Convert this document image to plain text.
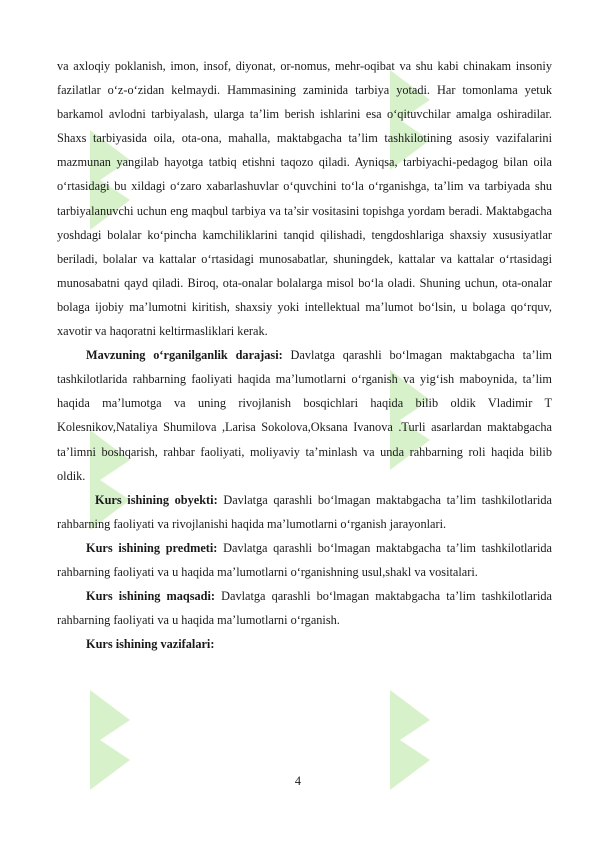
va axloqiy poklanish, imon, insof, diyonat, or-nomus, mehr-oqibat va shu kabi chinakam insoniy fazilatlar o‘z-o‘zidan kelmaydi. Hammasining zaminida tarbiya yotadi. Har tomonlama yetuk barkamol avlodni tarbiyalash, ularga ta’lim berish ishlarini esa o‘qituvchilar amalga oshiradilar. Shaxs tarbiyasida oila, ota-ona, mahalla, maktabgacha ta’lim tashkilotining asosiy vazifalarini mazmunan yangilab hayotga tatbiq etishni taqozo qiladi. Ayniqsa, tarbiyachi-pedagog bilan oila o‘rtasidagi bu xildagi o‘zaro xabarlashuvlar o‘quvchini to‘la o‘rganishga, ta’lim va tarbiyada shu tarbiyalanuvchi uchun eng maqbul tarbiya va ta’sir vositasini topishga yordam beradi. Maktabgacha yoshdagi bolalar ko‘pincha kamchiliklarini tanqid qilishadi, tengdoshlariga shaxsiy xususiyatlar beriladi, bolalar va kattalar o‘rtasidagi munosabatlar, shuningdek, kattalar va kattalar o‘rtasidagi munosabatni qayd qiladi. Biroq, ota-onalar bolalarga misol bo‘la oladi. Shuning uchun, ota-onalar bolaga ijobiy ma’lumotni kiritish, shaxsiy yoki intellektual ma’lumot bo‘lsin, u bolaga qo‘rquv, xavotir va haqoratni keltirmasliklari kerak.

Mavzuning o‘rganilganlik darajasi: Davlatga qarashli bo‘lmagan maktabgacha ta’lim tashkilotlarida rahbarning faoliyati haqida ma’lumotlarni o‘rganish va yig‘ish maboynida, ta’lim haqida ma’lumotga va uning rivojlanish bosqichlari haqida bilib oldik Vladimir T Kolesnikov,Nataliya Shumilova ,Larisa Sokolova,Oksana Ivanova .Turli asarlardan maktabgacha ta’limni boshqarish, rahbar faoliyati, moliyaviy ta’minlash va unda rahbarning roli haqida bilib oldik.

Kurs ishining obyekti: Davlatga qarashli bo‘lmagan maktabgacha ta’lim tashkilotlarida rahbarning faoliyati va rivojlanishi haqida ma’lumotlarni o‘rganish jarayonlari.

Kurs ishining predmeti: Davlatga qarashli bo‘lmagan maktabgacha ta’lim tashkilotlarida rahbarning faoliyati va u haqida ma’lumotlarni o‘rganishning usul,shakl va vositalari.

Kurs ishining maqsadi: Davlatga qarashli bo‘lmagan maktabgacha ta’lim tashkilotlarida rahbarning faoliyati va u haqida ma’lumotlarni o‘rganish.

Kurs ishining vazifalari:

4
